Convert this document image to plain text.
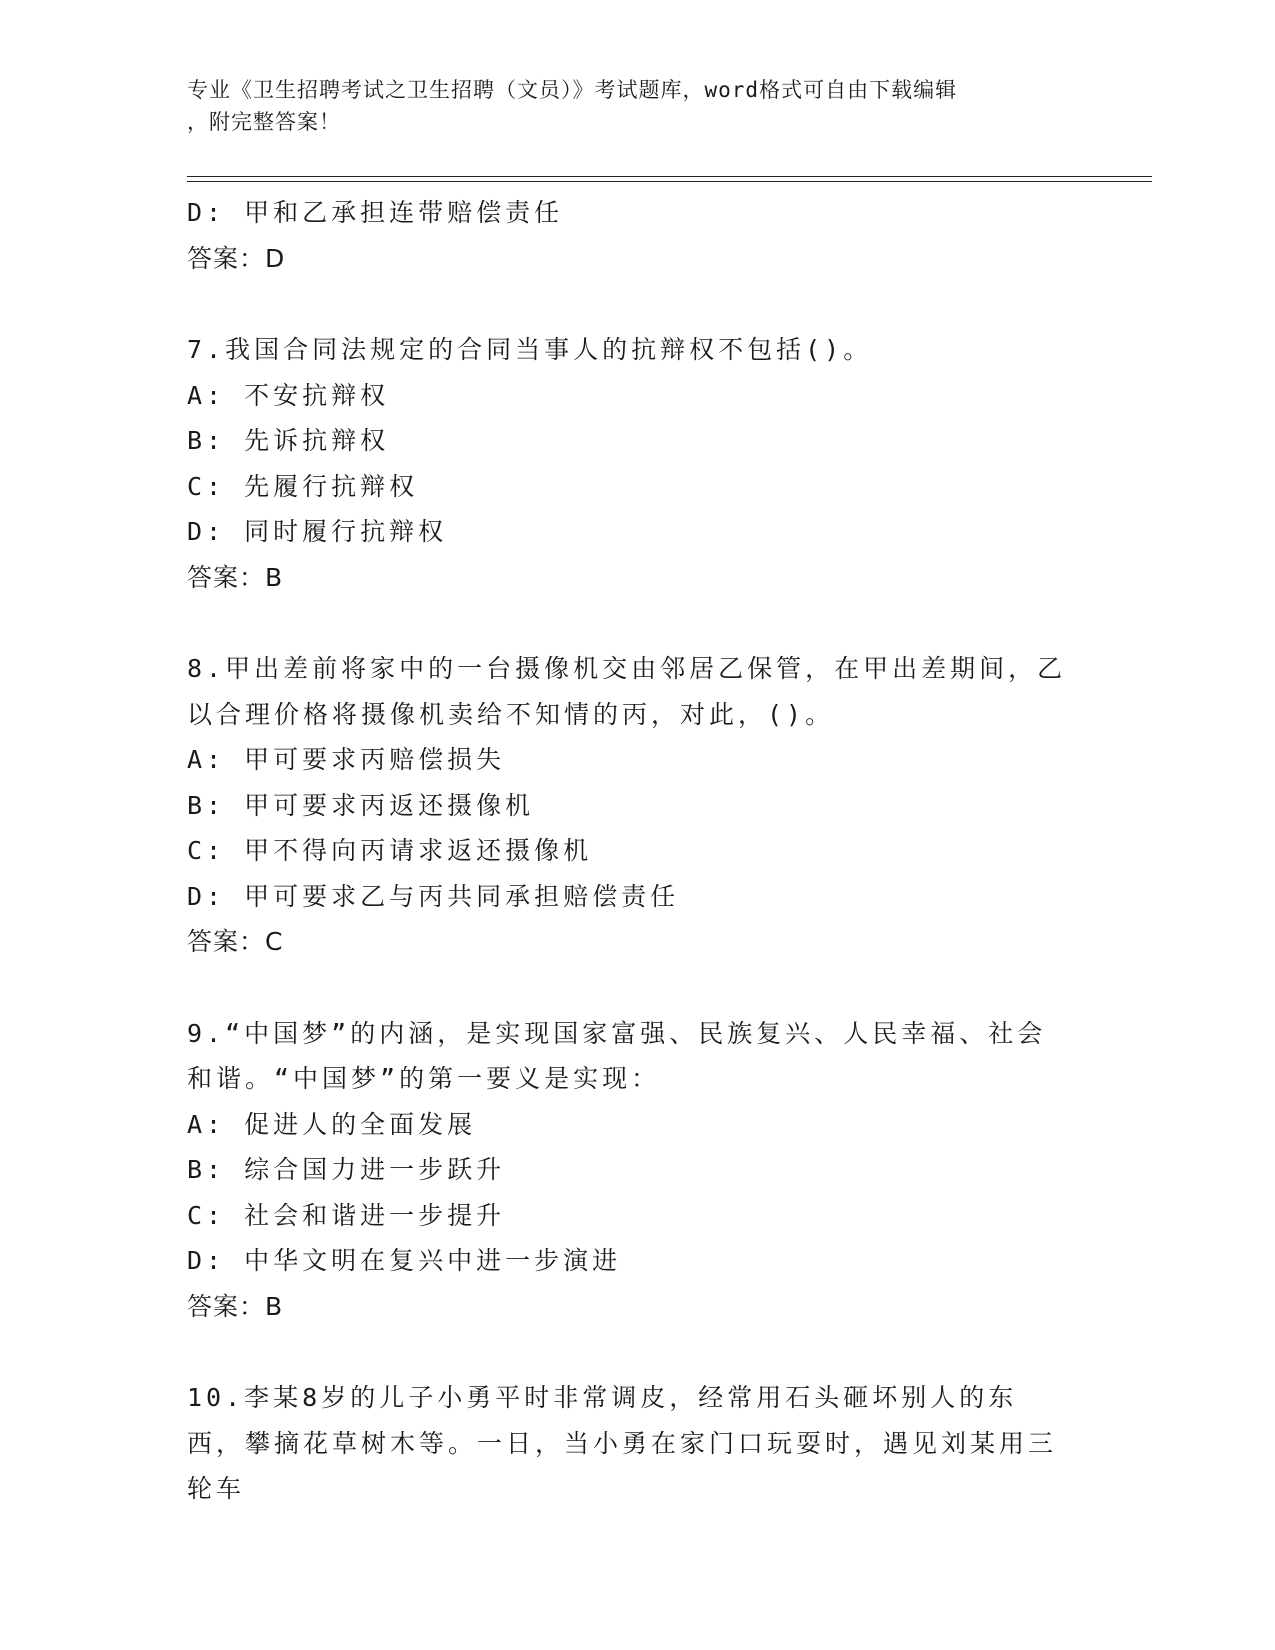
专业《卫生招聘考试之卫生招聘（文员）》考试题库，word格式可自由下载编辑
，附完整答案！
D: 甲和乙承担连带赔偿责任
答案：D
7.我国合同法规定的合同当事人的抗辩权不包括()。
A: 不安抗辩权
B: 先诉抗辩权
C: 先履行抗辩权
D: 同时履行抗辩权
答案：B
8.甲出差前将家中的一台摄像机交由邻居乙保管，在甲出差期间，乙以合理价格将摄像机卖给不知情的丙，对此，()。
A: 甲可要求丙赔偿损失
B: 甲可要求丙返还摄像机
C: 甲不得向丙请求返还摄像机
D: 甲可要求乙与丙共同承担赔偿责任
答案：C
9.“中国梦”的内涵，是实现国家富强、民族复兴、人民幸福、社会和谐。“中国梦”的第一要义是实现：
A: 促进人的全面发展
B: 综合国力进一步跃升
C: 社会和谐进一步提升
D: 中华文明在复兴中进一步演进
答案：B
10.李某8岁的儿子小勇平时非常调皮，经常用石头砸坏别人的东西，攀摘花草树木等。一日，当小勇在家门口玩耍时，遇见刘某用三轮车
